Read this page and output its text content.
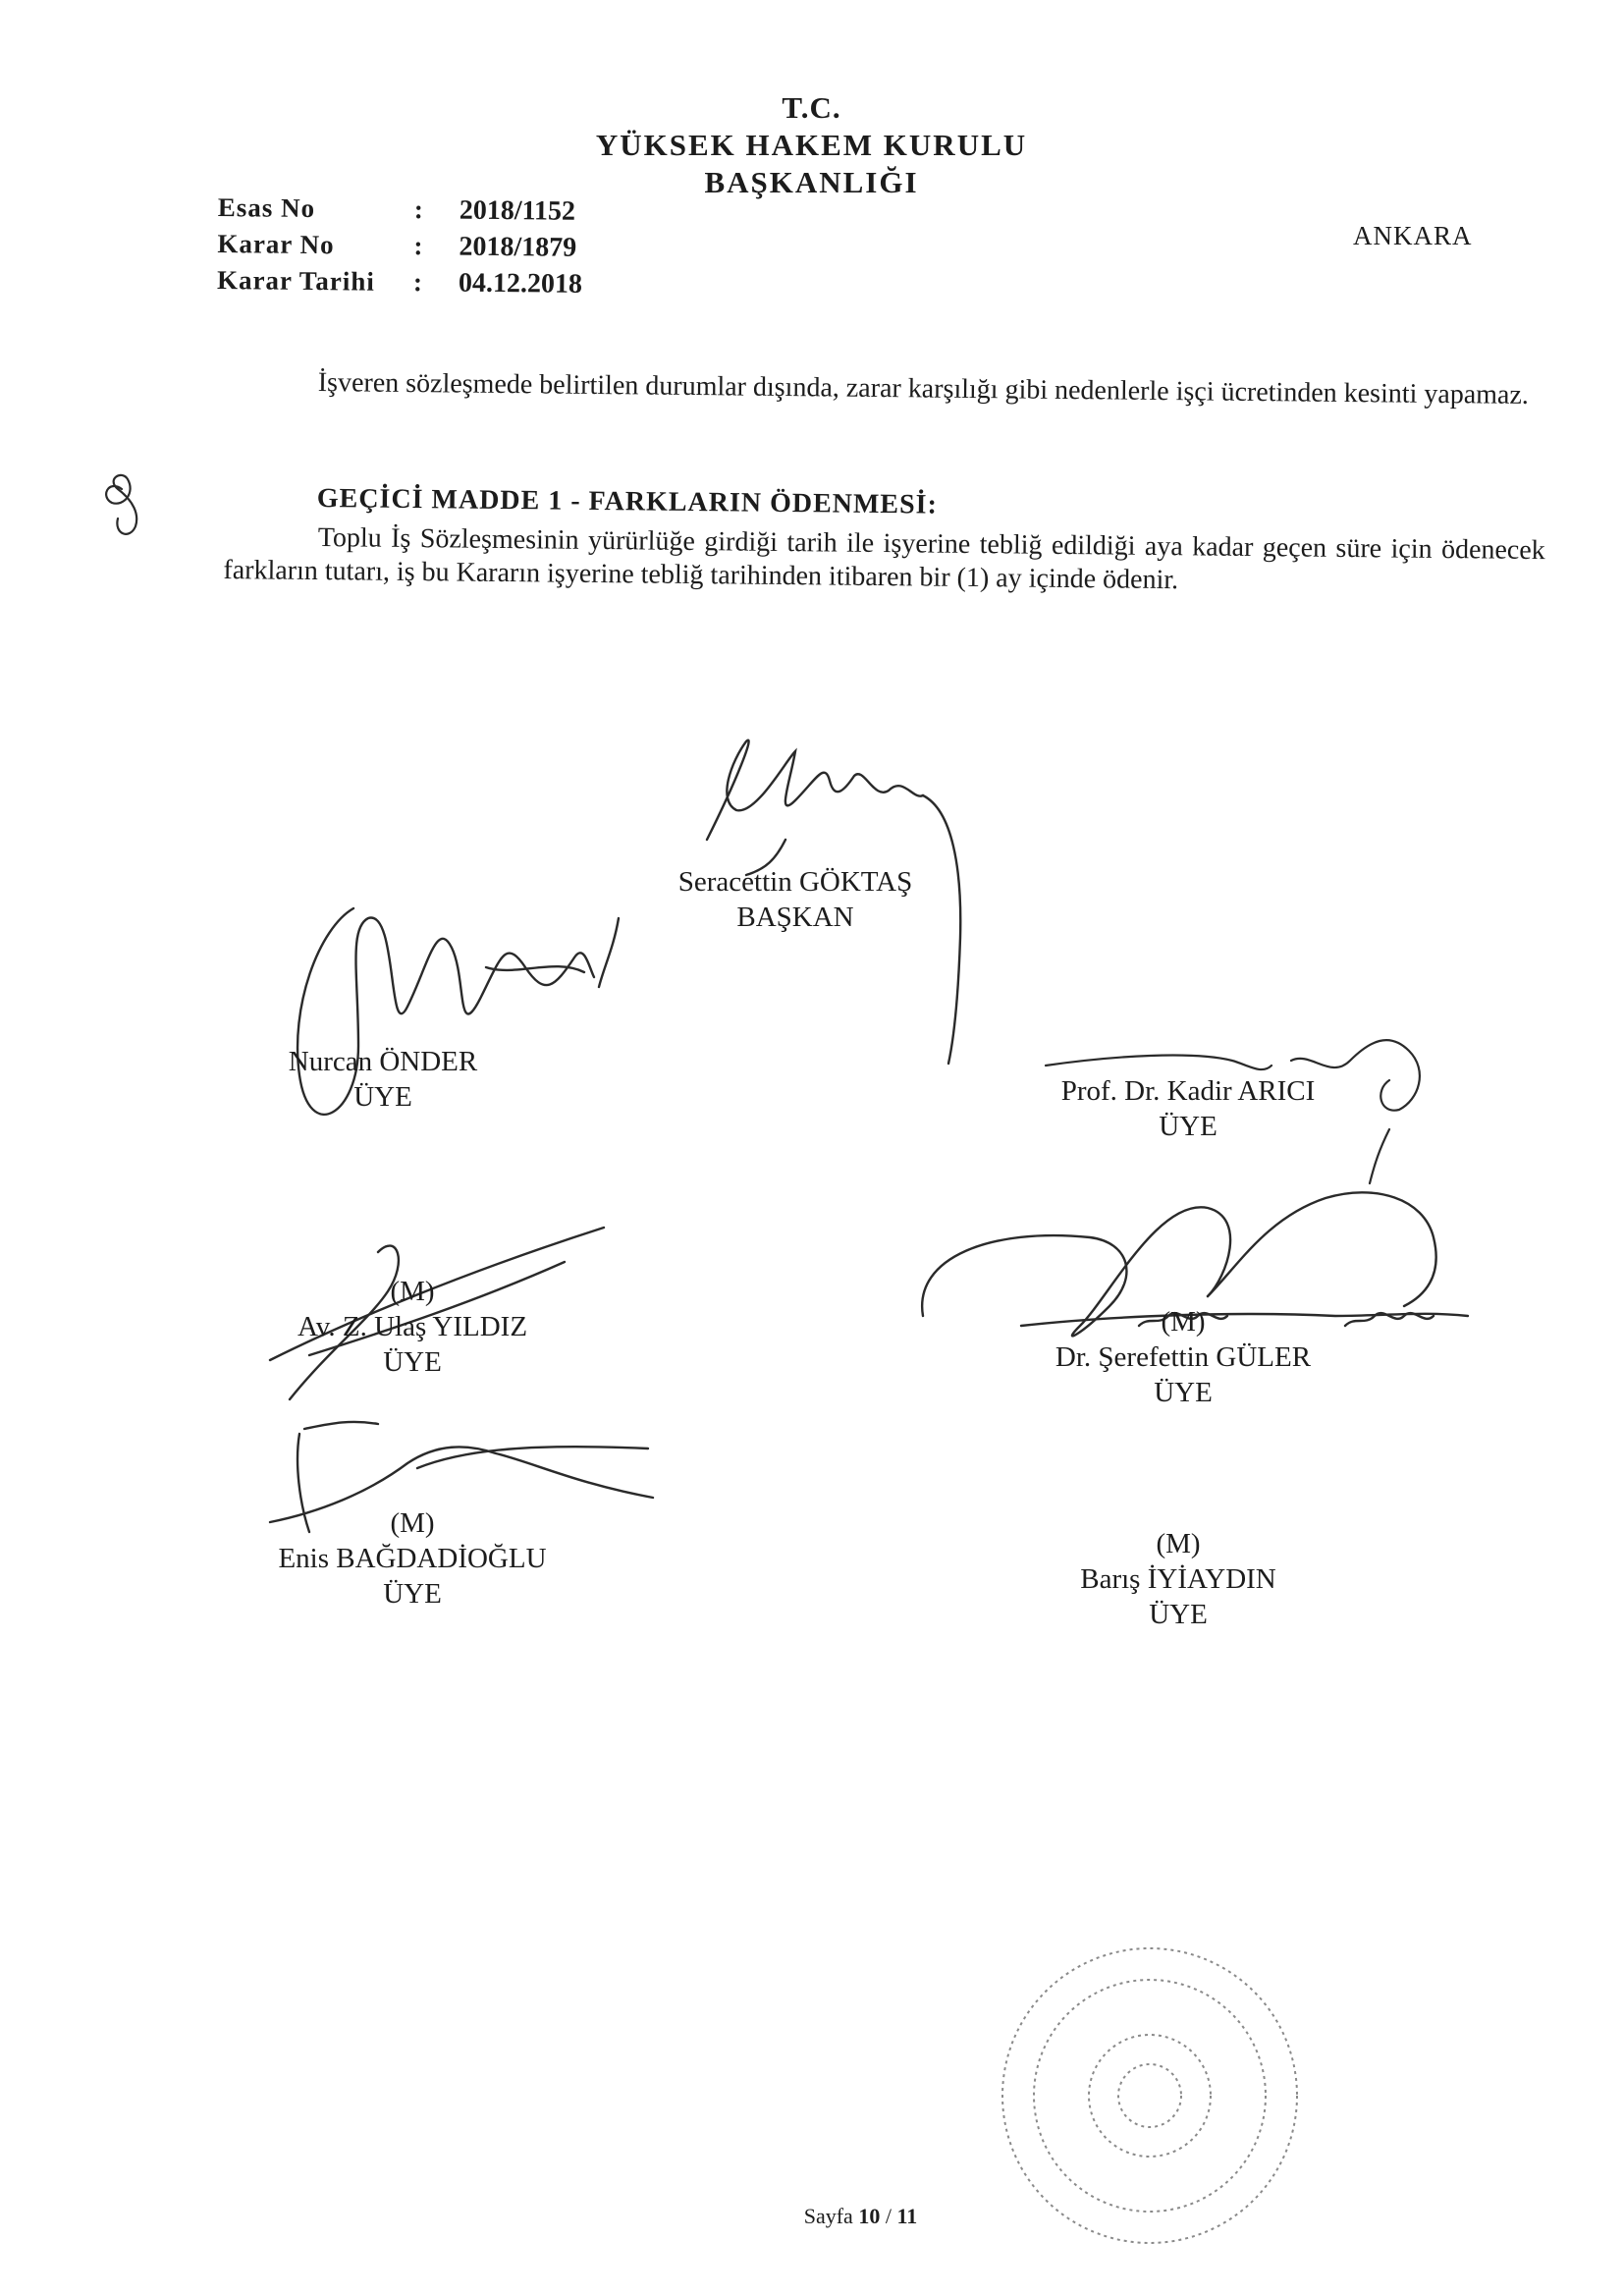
T.C.
YÜKSEK HAKEM KURULU
BAŞKANLIĞI
Esas No	:	2018/1152
Karar No	:	2018/1879
Karar Tarihi	:	04.12.2018
ANKARA
İşveren sözleşmede belirtilen durumlar dışında, zarar karşılığı gibi nedenlerle işçi ücretinden kesinti yapamaz.
GEÇİCİ MADDE 1 - FARKLARIN ÖDENMESİ:
Toplu İş Sözleşmesinin yürürlüğe girdiği tarih ile işyerine tebliğ edildiği aya kadar geçen süre için ödenecek farkların tutarı, iş bu Kararın işyerine tebliğ tarihinden itibaren bir (1) ay içinde ödenir.
Seracettin GÖKTAŞ
BAŞKAN
Nurcan ÖNDER
ÜYE	Prof. Dr. Kadir ARICI
ÜYE
(M)
Av. Z. Ulaş YILDIZ
ÜYE
(M)
Dr. Şerefettin GÜLER
ÜYE
(M)
Enis BAĞDADİOĞLU
ÜYE
(M)
Barış İYİAYDIN
ÜYE
Sayfa 10 / 11
